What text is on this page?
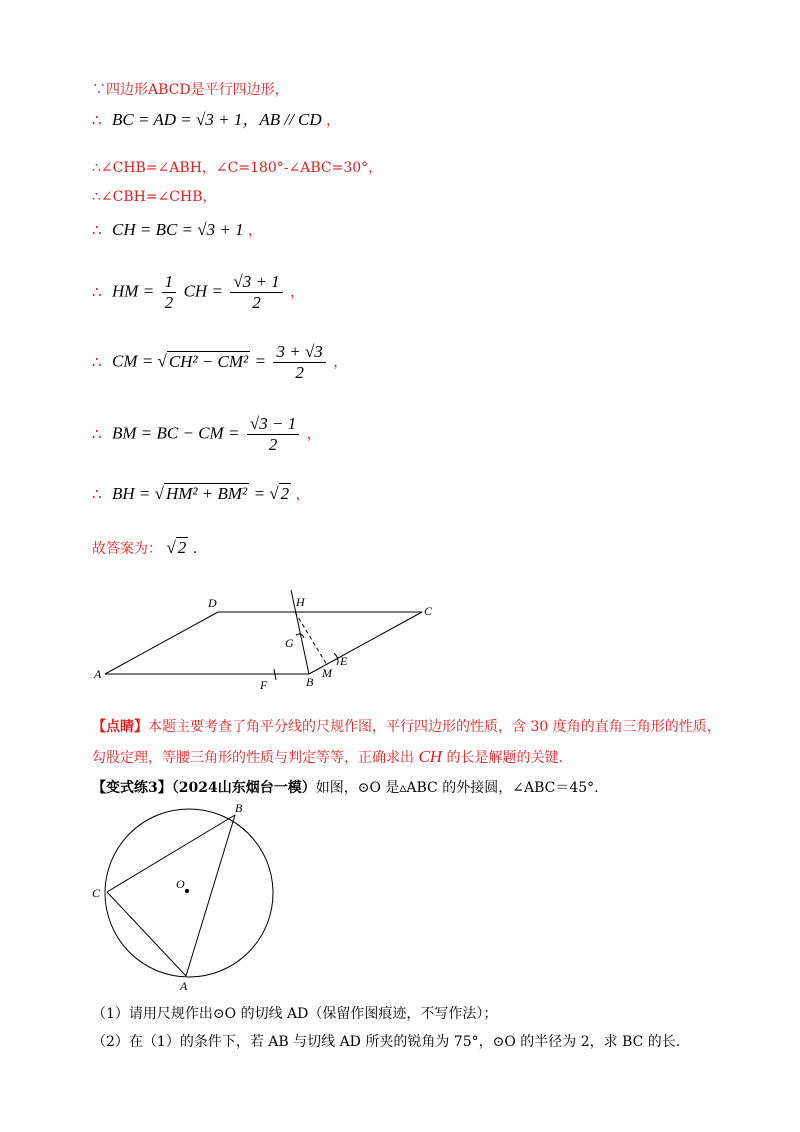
∵四边形ABCD是平行四边形，
∴ BC = AD = √3 + 1，AB // CD ，
∴∠CHB=∠ABH，∠C=180°-∠ABC=30°，
∴∠CBH=∠CHB，
∴ CH = BC = √3 + 1 ，
∴ HM = $\frac{1}{2}$ CH = $\frac{√3 + 1}{2}$ ，
∴ CM = √ $CH^2 - CM^2 = \frac{3 + √3}{2}$ ，
∴ BM = BC − CM = $\frac{√3 - 1}{2}$ ，
∴ BH = √ HM² + BM² = √ 2 ，
故答案为： √ 2 .
A
D	H
C
G
E
M
B
F
【点睛】本题主要考查了角平分线的尺规作图，平行四边形的性质，含 30 度角的直角三角形的性质，
勾股定理，等腰三角形的性质与判定等等，正确求出 CH 的长是解题的关键.
【变式练3】（2024山东烟台一模）如图，⊙O 是▵ABC 的外接圆，∠ABC＝45°.
B
C
O
A
（1）请用尺规作出⊙O 的切线 AD（保留作图痕迹，不写作法）；
（2）在（1）的条件下，若 AB 与切线 AD 所夹的锐角为 75°，⊙O 的半径为 2，求 BC 的长.
